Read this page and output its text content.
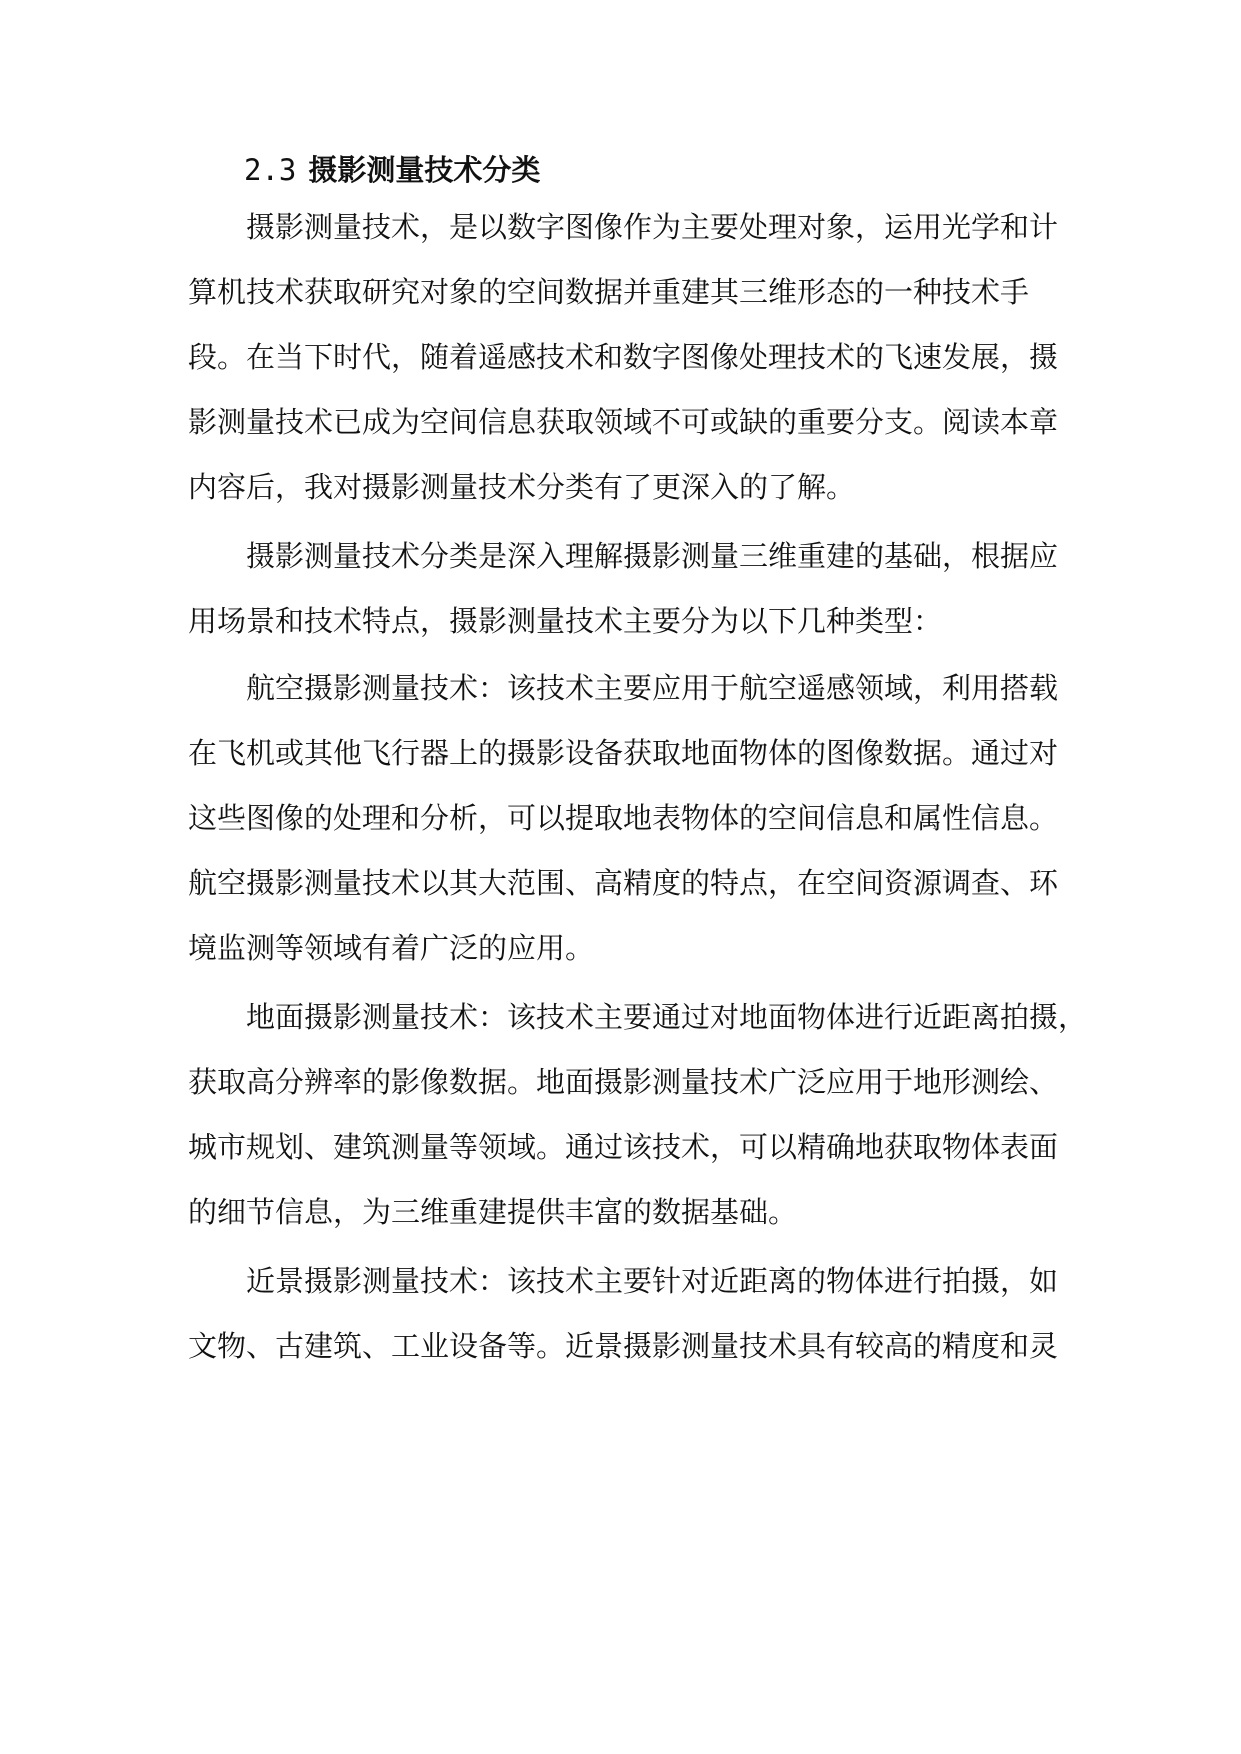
2.3 摄影测量技术分类
摄影测量技术，是以数字图像作为主要处理对象，运用光学和计
算机技术获取研究对象的空间数据并重建其三维形态的一种技术手
段。在当下时代，随着遥感技术和数字图像处理技术的飞速发展，摄
影测量技术已成为空间信息获取领域不可或缺的重要分支。阅读本章
内容后，我对摄影测量技术分类有了更深入的了解。
摄影测量技术分类是深入理解摄影测量三维重建的基础，根据应
用场景和技术特点，摄影测量技术主要分为以下几种类型：
航空摄影测量技术：该技术主要应用于航空遥感领域，利用搭载
在飞机或其他飞行器上的摄影设备获取地面物体的图像数据。通过对
这些图像的处理和分析，可以提取地表物体的空间信息和属性信息。
航空摄影测量技术以其大范围、高精度的特点，在空间资源调查、环
境监测等领域有着广泛的应用。
地面摄影测量技术：该技术主要通过对地面物体进行近距离拍摄，
获取高分辨率的影像数据。地面摄影测量技术广泛应用于地形测绘、
城市规划、建筑测量等领域。通过该技术，可以精确地获取物体表面
的细节信息，为三维重建提供丰富的数据基础。
近景摄影测量技术：该技术主要针对近距离的物体进行拍摄，如
文物、古建筑、工业设备等。近景摄影测量技术具有较高的精度和灵
